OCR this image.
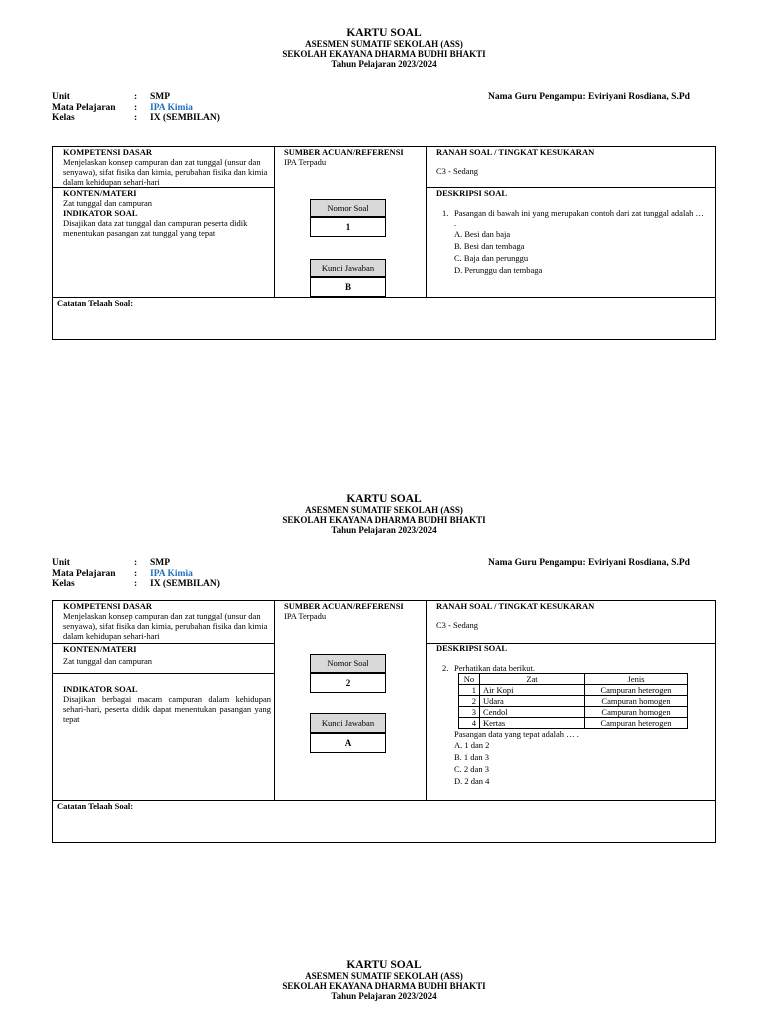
KARTU SOAL
ASESMEN SUMATIF SEKOLAH (ASS)
SEKOLAH EKAYANA DHARMA BUDHI BHAKTI
Tahun Pelajaran 2023/2024
Unit	:	SMP
Mata Pelajaran	:	IPA Kimia
Kelas	:	IX (SEMBILAN)
Nama Guru Pengampu: Eviriyani Rosdiana, S.Pd
KOMPETENSI DASAR
Menjelaskan konsep campuran dan zat tunggal (unsur dan senyawa), sifat fisika dan kimia, perubahan fisika dan kimia dalam kehidupan sehari-hari
SUMBER ACUAN/REFERENSI
IPA Terpadu
RANAH SOAL / TINGKAT KESUKARAN
C3 - Sedang
KONTEN/MATERI
Zat tunggal dan campuran
INDIKATOR SOAL
Disajikan data zat tunggal dan campuran peserta didik menentukan pasangan zat tunggal yang tepat
Nomor Soal
1
Kunci Jawaban
B
DESKRIPSI SOAL
1. Pasangan di bawah ini yang merupakan contoh dari zat tunggal adalah … .
A. Besi dan baja
B. Besi dan tembaga
C. Baja dan perunggu
D. Perunggu dan tembaga
Catatan Telaah Soal:
KARTU SOAL
ASESMEN SUMATIF SEKOLAH (ASS)
SEKOLAH EKAYANA DHARMA BUDHI BHAKTI
Tahun Pelajaran 2023/2024
Unit	:	SMP
Mata Pelajaran	:	IPA Kimia
Kelas	:	IX (SEMBILAN)
Nama Guru Pengampu: Eviriyani Rosdiana, S.Pd
KOMPETENSI DASAR
Menjelaskan konsep campuran dan zat tunggal (unsur dan senyawa), sifat fisika dan kimia, perubahan fisika dan kimia dalam kehidupan sehari-hari
SUMBER ACUAN/REFERENSI
IPA Terpadu
RANAH SOAL / TINGKAT KESUKARAN
C3 - Sedang
KONTEN/MATERI
Zat tunggal dan campuran
INDIKATOR SOAL
Disajikan berbagai macam campuran dalam kehidupan sehari-hari, peserta didik dapat menentukan pasangan yang tepat
Nomor Soal
2
Kunci Jawaban
A
DESKRIPSI SOAL
2. Perhatikan data berikut.
No	Zat	Jenis
1	Air Kopi	Campuran heterogen
2	Udara	Campuran homogen
3	Cendol	Campuran homogen
4	Kertas	Campuran heterogen
Pasangan data yang tepat adalah … .
A. 1 dan 2
B. 1 dan 3
C. 2 dan 3
D. 2 dan 4
Catatan Telaah Soal:
KARTU SOAL
ASESMEN SUMATIF SEKOLAH (ASS)
SEKOLAH EKAYANA DHARMA BUDHI BHAKTI
Tahun Pelajaran 2023/2024
